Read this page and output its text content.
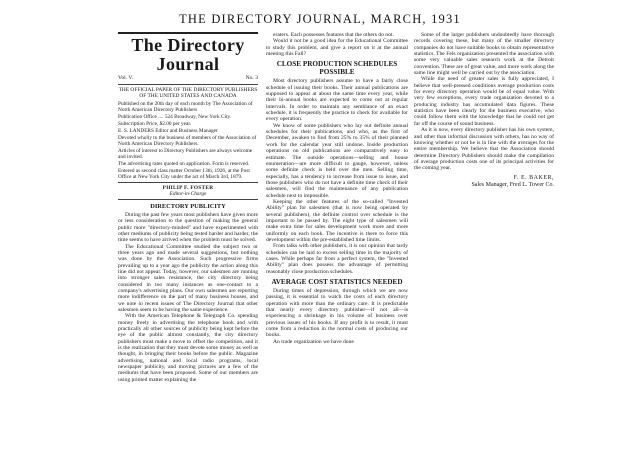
THE DIRECTORY JOURNAL, MARCH, 1931
The Directory Journal
Vol. V.	No. 3
THE OFFICIAL PAPER OF THE DIRECTORY PUBLISHERS OF THE UNITED STATES AND CANADA

Published on the 20th day of each month by The Association of North American Directory Publishers

Publication Office .... 524 Broadway, New York City.

Subscription Price, $2.00 per year.

E. S. LANDERS Editor and Business Manager

Devoted wholly to the business of members of the Association of North American Directory Publishers.

Articles of interest to Directory Publishers are always welcome and invited.

The advertising rates quoted on application. Form is reserved.

Entered as second class matter October 13th, 1926, at the Post Office at New York City under the act of March 3rd, 1879.

PHILIP F. FOSTER

Editor-in-Charge

DIRECTORY PUBLICITY

During the past few years most publishers have given more or less consideration to the question of making the general public more "directory-minded" and have experimented with other mediums of publicity being tested harder and harder, the time seems to have arrived when the problem must be solved.

The Educational Committee studied the subject two or three years ago and made several suggestions, but nothing was done by the Association. Such progressive firms prevailing up to a year ago the publicity the action along this line did not appear. Today, however, our salesmen are running into stronger sales resistance, the city directory being considered in too many instances as one-contact to a company's advertising plans. Our own salesmen are reporting more indifference on the part of many business houses, and we note in recent issues of The Directory Journal that other salesmen seem to be having the same experience.

With the American Telephone & Telegraph Co. spending money freely in advertising the telephone book and with practically all other sources of publicity being kept before the eye of the public almost constantly, the city directory publishers must make a move to offset the competition, and it is the realization that they must devote some money as well as thought, in bringing their books before the public. Magazine advertising, national and local radio programs, local newspaper publicity, and moving pictures are a few of the mediums that have been proposed. Some of our members are using printed matter explaining the

eraters. Each possesses features that the others do not.

Would it not be a good idea for the Educational Committee to study this problem, and give a report on it at the annual meeting this Fall?

CLOSE PRODUCTION SCHEDULES POSSIBLE

Most directory publishers assume to have a fairly close schedule of issuing their books. Their annual publications are supposed to appear at about the same time every year, while their bi-annual books are expected to come out at regular intervals. In order to maintain any semblance of an exact schedule, it is frequently the practice to check for available for every operation.

We know of some publishers who lay out definite annual schedules for their publications, and who, as the first of December, awaken to find from 25% to 35% of their planned work for the calendar year still undone. Inside production operations on old publications are comparatively easy to estimate. The outside operations—selling and house enumeration—are more difficult to gauge, however, unless some definite check is held over the men. Selling time, especially, has a tendency to increase from issue to issue, and those publishers who do not have a definite time check of their salesmen, will find the maintenance of any publication schedule next to impossible.

Keeping the other features of the so-called "Invested Ability" plan for salesmen (that is now being operated by several publishers), the definite control over schedule is the important to be passed by. The eight type of salesmen will make extra time for sales development work more and more uniformly on each book. The incentive is there to force this development within the pre-established time limits.

From talks with other publishers, it is our opinion that tardy schedules can be laid to excess selling time in the majority of cases. While perhaps far from a perfect system, the "Invested Ability" plan does possess the advantage of permitting reasonably close production schedules.

AVERAGE COST STATISTICS NEEDED

During times of depression, through which we are now passing, it is essential to watch the costs of each directory operation with more than the ordinary care. It is predictable that nearly every directory publisher—if not all—is experiencing a shrinkage in his volume of business over previous issues of his books. If any profit is to result, it must come from a reduction in the normal costs of producing our books.

An trade organization we have done

Some of the larger publishers undoubtedly have thorough records covering these, but many of the smaller directory companies do not have suitable books to obtain representative statistics. The Fels organization presented the association with some very valuable sales research work at the Detroit convention. These are of great value, and more work along the same line might well be carried out by the association.

While the need of greater sales is fully appreciated, I believe that well-pressed conditions average production costs for every directory operation would be of equal value. With very few exceptions, every trade organization devoted to a producing industry has accumulated data figures. These statistics have been clearly for the business executive, who could follow them with the knowledge that he could not get far off the course of sound business.

As it is now, every directory publisher has his own system, and other than informal discussion with others, has no way of knowing whether or not he is in line with the averages for the entire membership. We believe that the Association should determine Directory Publishers should make the compilation of average production costs one of its principal activities for the coming year.

F. E. BAKER,

Sales Manager, Fred L. Tower Co.
